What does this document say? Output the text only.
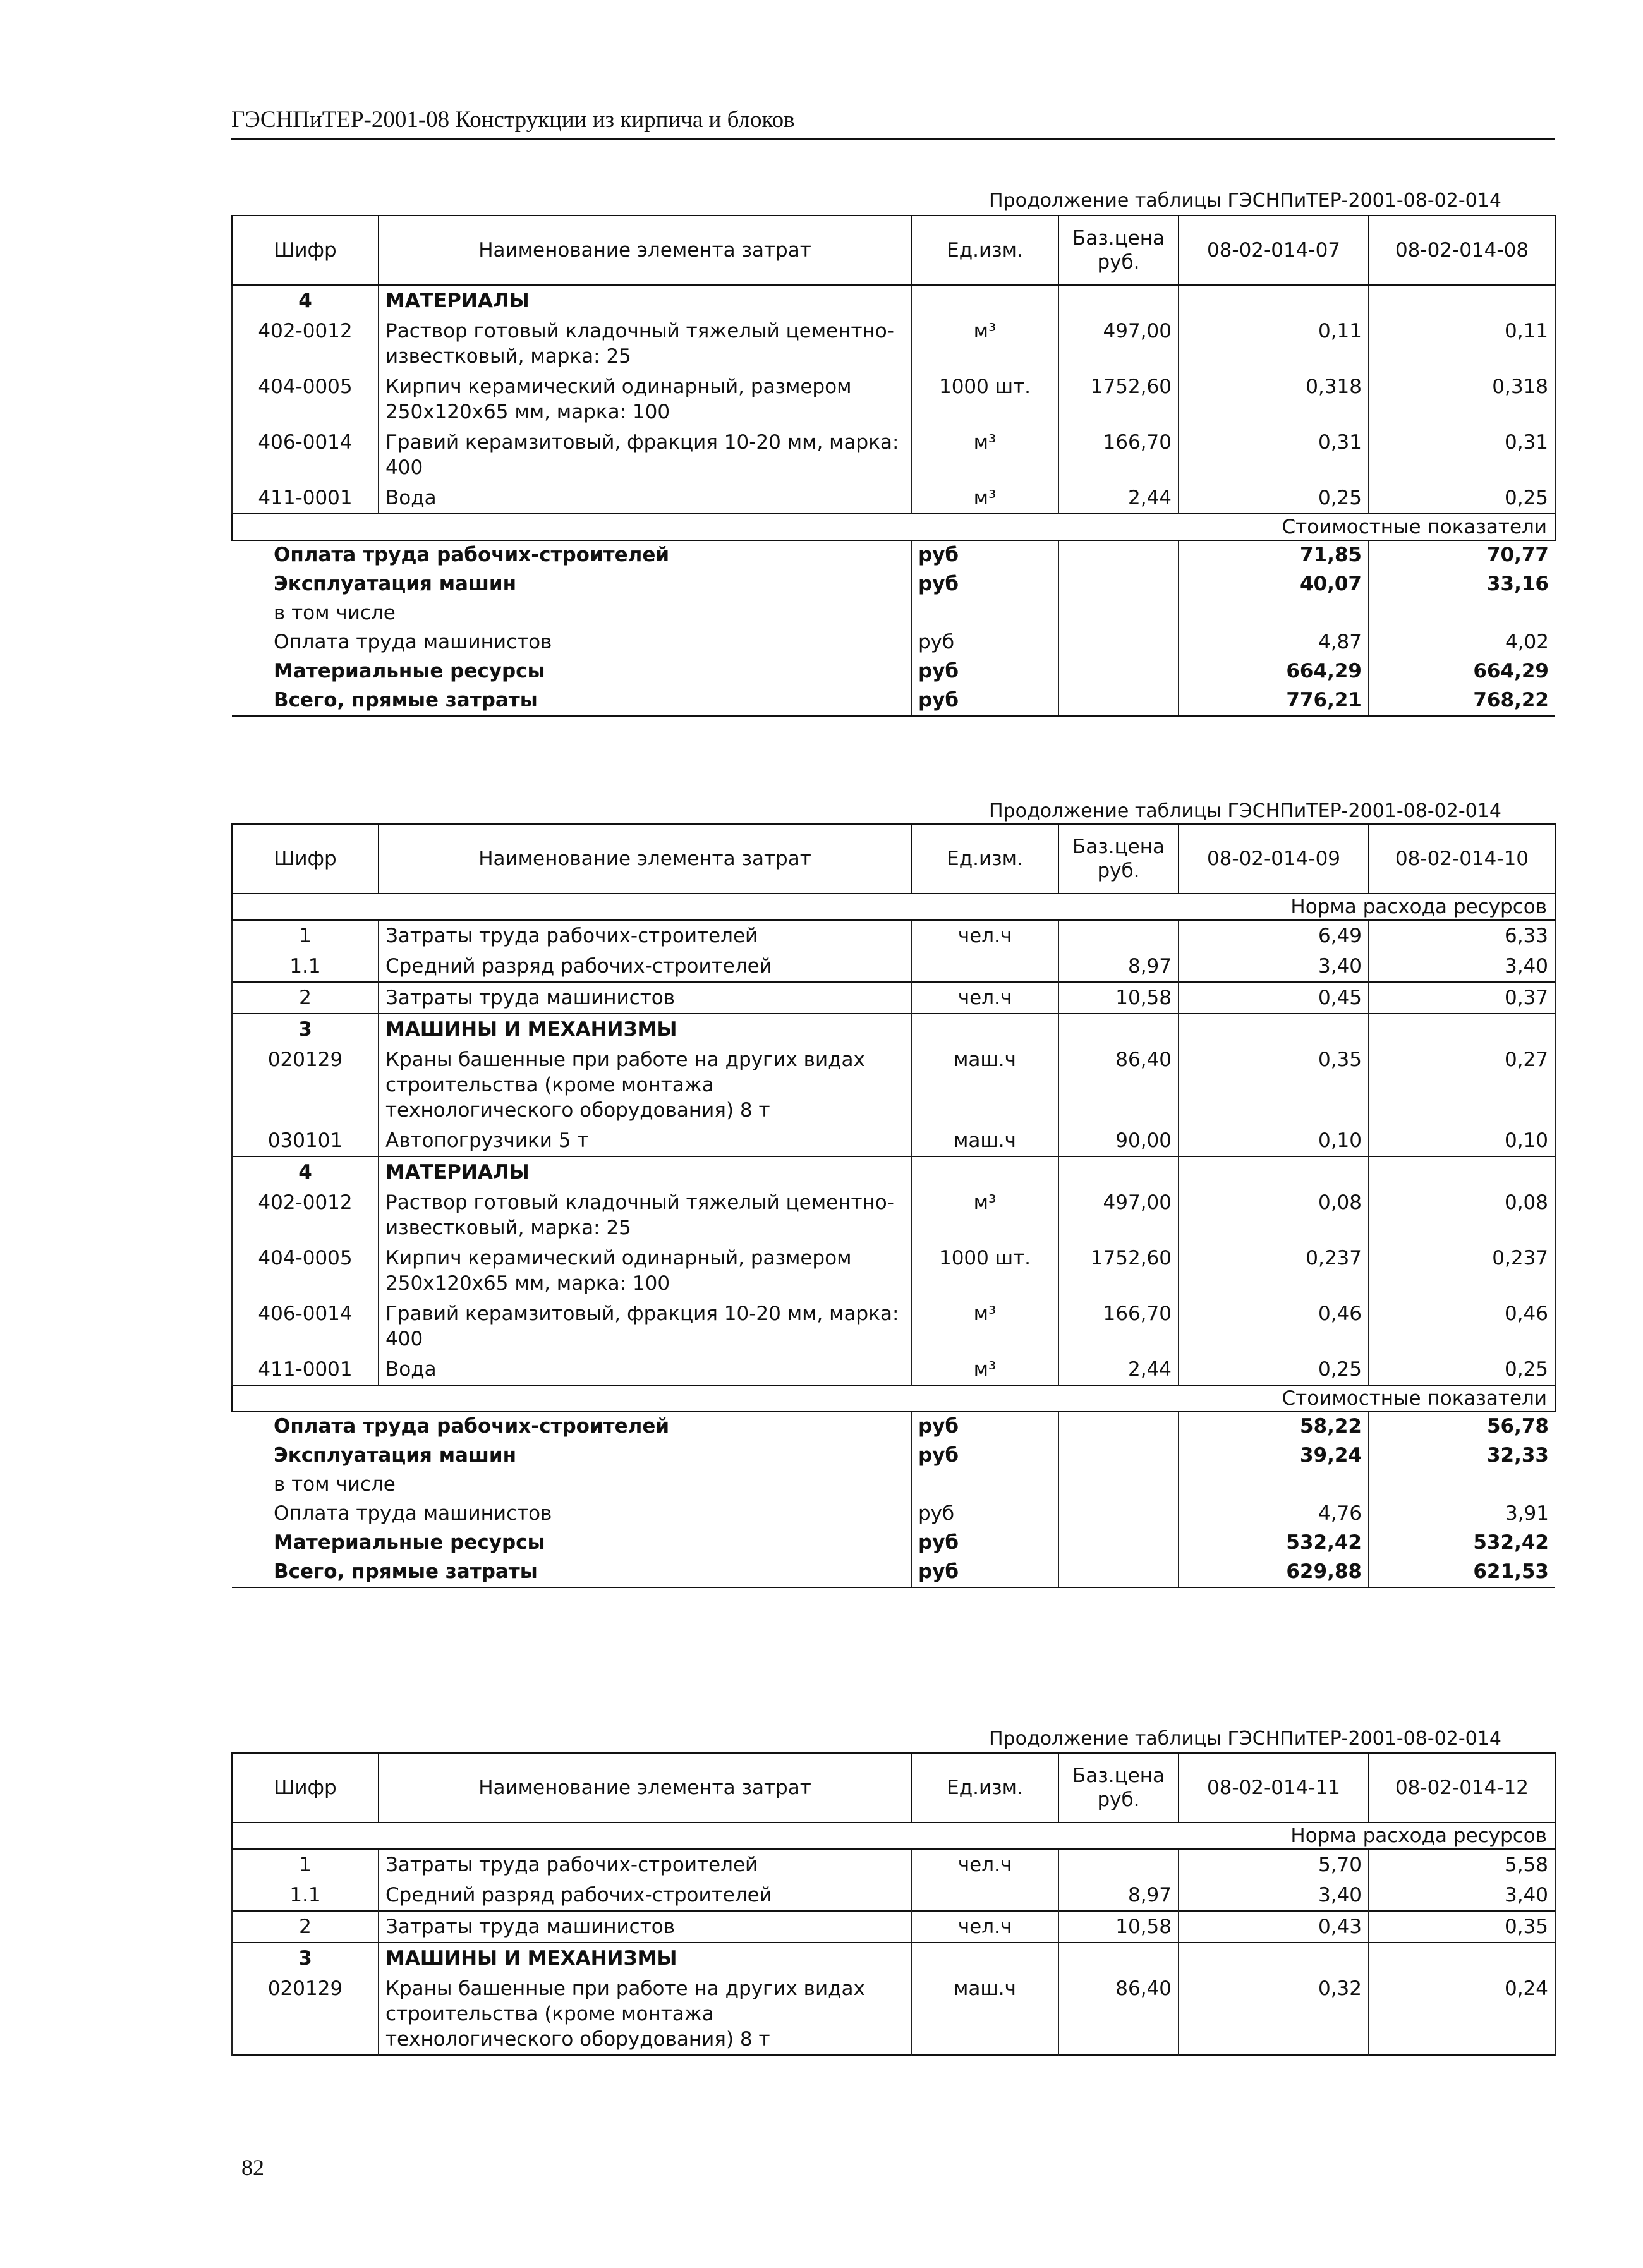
ГЭСНПиТЕР-2001-08 Конструкции из кирпича и блоков
Продолжение таблицы ГЭСНПиТЕР-2001-08-02-014
Шифр	Наименование элемента затрат	Ед.изм.	Баз.цена руб.	08-02-014-07	08-02-014-08
4	МАТЕРИАЛЫ				
402-0012	Раствор готовый кладочный тяжелый цементно-известковый, марка: 25	м³	497,00	0,11	0,11
404-0005	Кирпич керамический одинарный, размером 250х120х65 мм, марка: 100	1000 шт.	1752,60	0,318	0,318
406-0014	Гравий керамзитовый, фракция 10-20 мм, марка: 400	м³	166,70	0,31	0,31
411-0001	Вода	м³	2,44	0,25	0,25
Стоимостные показатели					
Оплата труда рабочих-строителей		руб		71,85	70,77
Эксплуатация машин		руб		40,07	33,16
в том числе					
Оплата труда машинистов		руб		4,87	4,02
Материальные ресурсы		руб		664,29	664,29
Всего, прямые затраты		руб		776,21	768,22
Продолжение таблицы ГЭСНПиТЕР-2001-08-02-014
Шифр	Наименование элемента затрат	Ед.изм.	Баз.цена руб.	08-02-014-09	08-02-014-10
Норма расхода ресурсов					
1	Затраты труда рабочих-строителей	чел.ч		6,49	6,33
1.1	Средний разряд рабочих-строителей		8,97	3,40	3,40
2	Затраты труда машинистов	чел.ч	10,58	0,45	0,37
3	МАШИНЫ И МЕХАНИЗМЫ				
020129	Краны башенные при работе на других видах строительства (кроме монтажа технологического оборудования) 8 т	маш.ч	86,40	0,35	0,27
030101	Автопогрузчики 5 т	маш.ч	90,00	0,10	0,10
4	МАТЕРИАЛЫ				
402-0012	Раствор готовый кладочный тяжелый цементно-известковый, марка: 25	м³	497,00	0,08	0,08
404-0005	Кирпич керамический одинарный, размером 250х120х65 мм, марка: 100	1000 шт.	1752,60	0,237	0,237
406-0014	Гравий керамзитовый, фракция 10-20 мм, марка: 400	м³	166,70	0,46	0,46
411-0001	Вода	м³	2,44	0,25	0,25
Стоимостные показатели					
Оплата труда рабочих-строителей		руб		58,22	56,78
Эксплуатация машин		руб		39,24	32,33
в том числе					
Оплата труда машинистов		руб		4,76	3,91
Материальные ресурсы		руб		532,42	532,42
Всего, прямые затраты		руб		629,88	621,53
Продолжение таблицы ГЭСНПиТЕР-2001-08-02-014
Шифр	Наименование элемента затрат	Ед.изм.	Баз.цена руб.	08-02-014-11	08-02-014-12
Норма расхода ресурсов					
1	Затраты труда рабочих-строителей	чел.ч		5,70	5,58
1.1	Средний разряд рабочих-строителей		8,97	3,40	3,40
2	Затраты труда машинистов	чел.ч	10,58	0,43	0,35
3	МАШИНЫ И МЕХАНИЗМЫ				
020129	Краны башенные при работе на других видах строительства (кроме монтажа технологического оборудования) 8 т	маш.ч	86,40	0,32	0,24
82
